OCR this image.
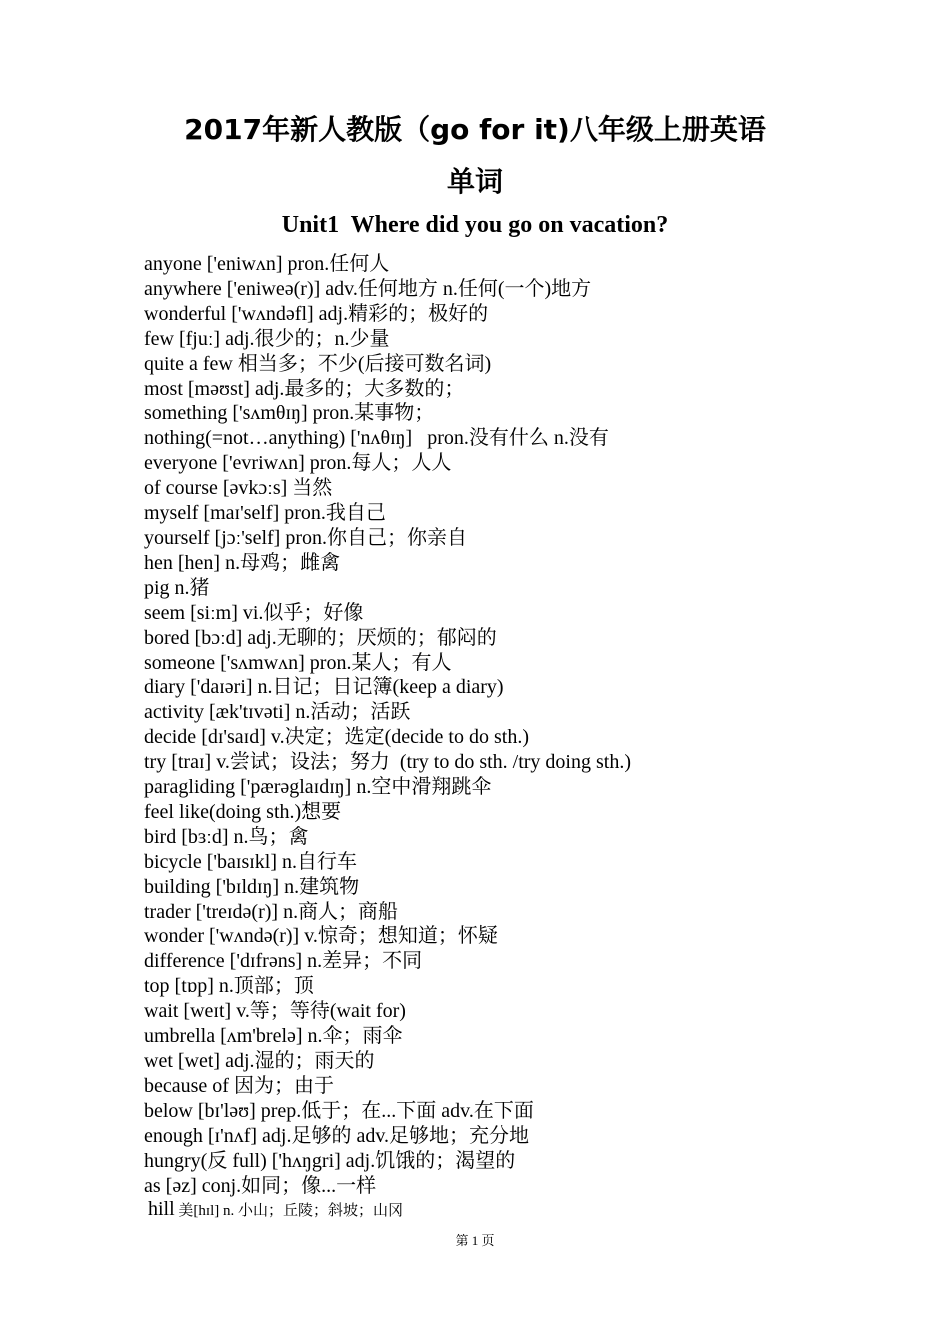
2017年新人教版（go for it)八年级上册英语
单词
Unit1  Where did you go on vacation?
anyone ['eniwʌn] pron.任何人
anywhere ['eniweə(r)] adv.任何地方 n.任何(一个)地方
wonderful ['wʌndəfl] adj.精彩的；极好的
few [fjuː] adj.很少的；n.少量
quite a few 相当多；不少(后接可数名词)
most [məʊst] adj.最多的；大多数的；
something ['sʌmθɪŋ] pron.某事物；
nothing(=not…anything) ['nʌθɪŋ]   pron.没有什么 n.没有
everyone ['evriwʌn] pron.每人；人人
of course [əvkɔːs] 当然
myself [maɪ'self] pron.我自己
yourself [jɔː'self] pron.你自己；你亲自
hen [hen] n.母鸡；雌禽
pig n.猪
seem [siːm] vi.似乎；好像
bored [bɔːd] adj.无聊的；厌烦的；郁闷的
someone ['sʌmwʌn] pron.某人；有人
diary ['daɪəri] n.日记；日记簿(keep a diary)
activity [æk'tɪvəti] n.活动；活跃
decide [dɪ'saɪd] v.决定；选定(decide to do sth.)
try [traɪ] v.尝试；设法；努力  (try to do sth. /try doing sth.)
paragliding ['pærəglaɪdɪŋ] n.空中滑翔跳伞
feel like(doing sth.)想要
bird [bɜːd] n.鸟；禽
bicycle ['baɪsɪkl] n.自行车
building ['bɪldɪŋ] n.建筑物
trader ['treɪdə(r)] n.商人；商船
wonder ['wʌndə(r)] v.惊奇；想知道；怀疑
difference ['dɪfrəns] n.差异；不同
top [tɒp] n.顶部；顶
wait [weɪt] v.等；等待(wait for)
umbrella [ʌm'brelə] n.伞；雨伞
wet [wet] adj.湿的；雨天的
because of 因为；由于
below [bɪ'ləʊ] prep.低于；在...下面 adv.在下面
enough [ɪ'nʌf] adj.足够的 adv.足够地；充分地
hungry(反 full) ['hʌŋgri] adj.饥饿的；渴望的
as [əz] conj.如同；像...一样
hill 美[hɪl] n. 小山；丘陵；斜坡；山冈
第 1 页
